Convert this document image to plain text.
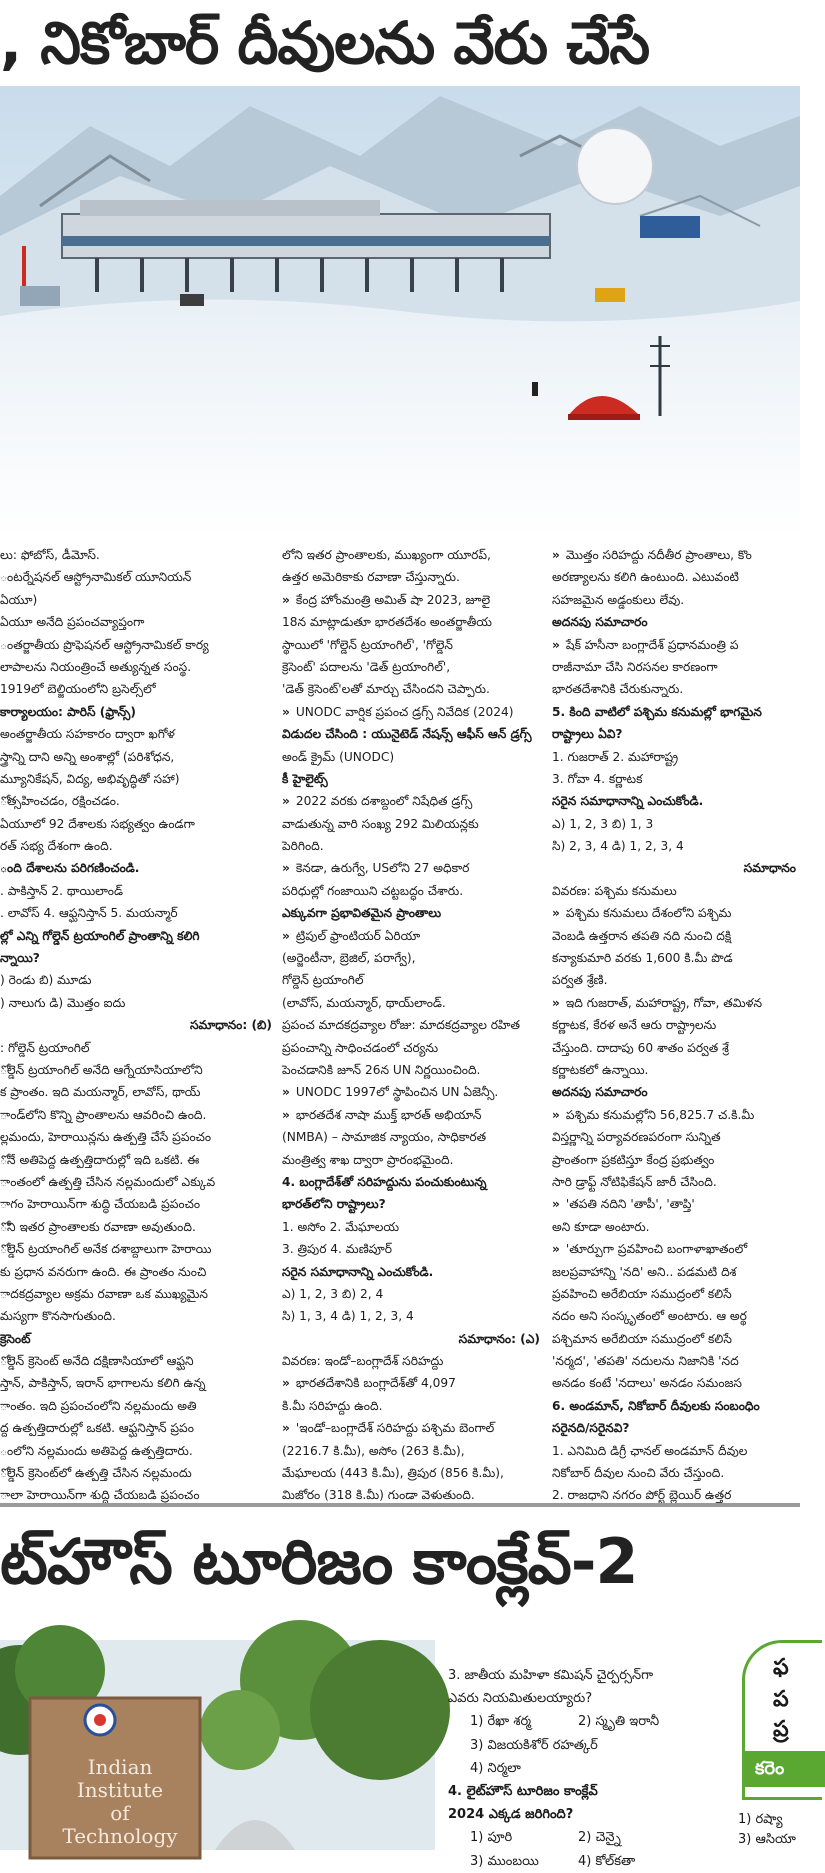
, నికోబార్ దీవులను వేరు చేసే
లు: ఫోబోస్, డీమోస్.
ంటర్నేషనల్ ఆస్ట్రోనామికల్ యూనియన్
ఏయూ)
ఏయూ అనేది ప్రపంచవ్యాప్తంగా
ంతర్జాతీయ ప్రొఫెషనల్ ఆస్ట్రోనామికల్ కార్య
లాపాలను నియంత్రించే అత్యున్నత సంస్థ.
1919లో బెల్జియంలోని బ్రసెల్స్‌లో
కార్యాలయం: పారిస్ (ఫ్రాన్స్)
అంతర్జాతీయ సహకారం ద్వారా ఖగోళ
స్త్రాన్ని దాని అన్ని అంశాల్లో (పరిశోధన,
మ్యూనికేషన్, విద్య, అభివృద్ధితో సహా)
ోత్సహించడం, రక్షించడం.
ఏయూలో 92 దేశాలకు సభ్యత్వం ఉండగా
రత్ సభ్య దేశంగా ఉంది.
ంది దేశాలను పరిగణించండి.
. పాకిస్తాన్ 2. థాయిలాండ్
. లావోస్ 4. ఆఫ్ఘనిస్తాన్ 5. మయన్మార్
ల్లో ఎన్ని గోల్డెన్ ట్రయాంగిల్ ప్రాంతాన్ని కలిగి
న్నాయి?
) రెండు బి) మూడు
) నాలుగు డి) మొత్తం ఐదు
సమాధానం: (బి)
: గోల్డెన్ ట్రయాంగిల్
ోల్డెన్ ట్రయాంగిల్ అనేది ఆగ్నేయాసియాలోని
క ప్రాంతం. ఇది మయన్మార్, లావోస్, థాయ్
ాండ్‌లోని కొన్ని ప్రాంతాలను ఆవరించి ఉంది.
ల్లమందు, హెరాయిన్లను ఉత్పత్తి చేసే ప్రపంచం
ోనే అతిపెద్ద ఉత్పత్తిదారుల్లో ఇది ఒకటి. ఈ
ాంతంలో ఉత్పత్తి చేసిన నల్లమందులో ఎక్కువ
ాగం హెరాయిన్‌గా శుద్ధి చేయబడి ప్రపంచం
ోని ఇతర ప్రాంతాలకు రవాణా అవుతుంది.
ోల్డెన్ ట్రయాంగిల్ అనేక దశాబ్దాలుగా హెరాయి
కు ప్రధాన వనరుగా ఉంది. ఈ ప్రాంతం నుంచి
ాదకద్రవ్యాల అక్రమ రవాణా ఒక ముఖ్యమైన
మస్యగా కొనసాగుతుంది.
క్రెసెంట్
ోల్డెన్ క్రెసెంట్ అనేది దక్షిణాసియాలో ఆఫ్ఘని
స్తాన్, పాకిస్తాన్, ఇరాన్ భాగాలను కలిగి ఉన్న
ాంతం. ఇది ప్రపంచంలోని నల్లమందు అతి
ద్ద ఉత్పత్తిదారుల్లో ఒకటి. ఆఫ్ఘనిస్తాన్ ప్రపం
ంలోని నల్లమందు అతిపెద్ద ఉత్పత్తిదారు.
ోల్డెన్ క్రెసెంట్‌లో ఉత్పత్తి చేసిన నల్లమందు
ాలా హెరాయిన్‌గా శుద్ధి చేయబడి ప్రపంచం
లోని ఇతర ప్రాంతాలకు, ముఖ్యంగా యూరప్,
ఉత్తర అమెరికాకు రవాణా చేస్తున్నారు.
» కేంద్ర హోంమంత్రి అమిత్ షా 2023, జూలై
18న మాట్లాడుతూ భారతదేశం అంతర్జాతీయ
స్థాయిలో 'గోల్డెన్ ట్రయాంగిల్', 'గోల్డెన్
క్రెసెంట్' పదాలను 'డెత్ ట్రయాంగిల్',
'డెత్ క్రెసెంట్'లతో మార్చు చేసిందని చెప్పారు.
» UNODC వార్షిక ప్రపంచ డ్రగ్స్ నివేదిక (2024)
విడుదల చేసింది : యునైటెడ్ నేషన్స్ ఆఫీస్ ఆన్ డ్రగ్స్
అండ్ క్రైమ్ (UNODC)
కీ హైలైట్స్
» 2022 వరకు దశాబ్దంలో నిషేధిత డ్రగ్స్
వాడుతున్న వారి సంఖ్య 292 మిలియన్లకు
పెరిగింది.
» కెనడా, ఉరుగ్వే, USలోని 27 అధికార
పరిధుల్లో గంజాయిని చట్టబద్ధం చేశారు.
ఎక్కువగా ప్రభావితమైన ప్రాంతాలు
» ట్రిపుల్ ఫ్రాంటియర్ ఏరియా
(అర్జెంటీనా, బ్రెజిల్, పరాగ్వే),
గోల్డెన్ ట్రయాంగిల్
(లావోస్, మయన్మార్, థాయ్‌లాండ్.
ప్రపంచ మాదకద్రవ్యాల రోజు: మాదకద్రవ్యాల రహిత
ప్రపంచాన్ని సాధించడంలో చర్యను
పెంచడానికి జూన్ 26న UN నిర్ణయించింది.
» UNODC 1997లో స్థాపించిన UN ఏజెన్సీ.
» భారతదేశ నాషా ముక్త్ భారత్ అభియాన్
(NMBA) – సామాజిక న్యాయం, సాధికారత
మంత్రిత్వ శాఖ ద్వారా ప్రారంభమైంది.
4. బంగ్లాదేశ్‌తో సరిహద్దును పంచుకుంటున్న
భారత్‌లోని రాష్ట్రాలు?
1. అసోం 2. మేఘాలయ
3. త్రిపుర 4. మణిపూర్
సరైన సమాధానాన్ని ఎంచుకోండి.
ఎ) 1, 2, 3 బి) 2, 4
సి) 1, 3, 4 డి) 1, 2, 3, 4
సమాధానం: (ఎ)
వివరణ: ఇండో–బంగ్లాదేశ్ సరిహద్దు
» భారతదేశానికి బంగ్లాదేశ్‌తో 4,097
కి.మీ సరిహద్దు ఉంది.
» 'ఇండో–బంగ్లాదేశ్ సరిహద్దు పశ్చిమ బెంగాల్
(2216.7 కి.మీ), అసోం (263 కి.మీ),
మేఘాలయ (443 కి.మీ), త్రిపుర (856 కి.మీ),
మిజోరం (318 కి.మీ) గుండా వెళుతుంది.
» మొత్తం సరిహద్దు నదీతీర ప్రాంతాలు, కొం
అరణ్యాలను కలిగి ఉంటుంది. ఎటువంటి
సహజమైన అడ్డంకులు లేవు.
అదనపు సమాచారం
» షేక్ హసీనా బంగ్లాదేశ్ ప్రధానమంత్రి ప
రాజీనామా చేసి నిరసనల కారణంగా
భారతదేశానికి చేరుకున్నారు.
5. కింది వాటిలో పశ్చిమ కనుమల్లో భాగమైన
రాష్ట్రాలు ఏవి?
1. గుజరాత్ 2. మహారాష్ట్ర
3. గోవా 4. కర్ణాటక
సరైన సమాధానాన్ని ఎంచుకోండి.
ఎ) 1, 2, 3 బి) 1, 3
సి) 2, 3, 4 డి) 1, 2, 3, 4
సమాధానం
వివరణ: పశ్చిమ కనుమలు
» పశ్చిమ కనుమలు దేశంలోని పశ్చిమ
వెంబడి ఉత్తరాన తపతి నది నుంచి దక్షి
కన్యాకుమారి వరకు 1,600 కి.మీ పొడ
పర్వత శ్రేణి.
» ఇది గుజరాత్, మహారాష్ట్ర, గోవా, తమిళన
కర్ణాటక, కేరళ అనే ఆరు రాష్ట్రాలను
చేస్తుంది. దాదాపు 60 శాతం పర్వత శ్రే
కర్ణాటకలో ఉన్నాయి.
అదనపు సమాచారం
» పశ్చిమ కనుమల్లోని 56,825.7 చ.కి.మీ
విస్తర్ణాన్ని పర్యావరణపరంగా సున్నిత
ప్రాంతంగా ప్రకటిస్తూ కేంద్ర ప్రభుత్వం
సారి డ్రాఫ్ట్ నోటిఫికేషన్ జారీ చేసింది.
» 'తపతి నదిని 'తాపీ', 'తాప్తి'
అని కూడా అంటారు.
» 'తూర్పుగా ప్రవహించి బంగాళాఖాతంలో
జలప్రవాహాన్ని 'నది' అని.. పడమటి దిశ
ప్రవహించి అరేబియా సముద్రంలో కలిసే
నదం అని సంస్కృతంలో అంటారు. ఆ అర్థ
పశ్చిమాన అరేబియా సముద్రంలో కలిసే
'నర్మద', 'తపతి' నదులను నిజానికి 'నద
అనడం కంటే 'నదాలు' అనడం సమంజస
6. అండమాన్, నికోబార్ దీవులకు సంబంధిం
సరైనది/సరైనవి?
1. ఎనిమిది డిగ్రీ ఛానల్ అండమాన్ దీవుల
నికోబార్ దీవుల నుంచి వేరు చేస్తుంది.
2. రాజధాని నగరం పోర్ట్ బ్లెయిర్ ఉత్తర
ట్‌హౌస్ టూరిజం కాంక్లేవ్-2
Indian
Institute
of
Technology
3. జాతీయ మహిళా కమిషన్ చైర్పర్సన్‌గా
ఎవరు నియమితులయ్యారు?
1) రేఖా శర్మ	2) స్మృతి ఇరానీ
3) విజయకిశోర్ రహత్కర్
4) నిర్మలా
4. లైట్‌హౌస్ టూరిజం కాంక్లేవ్
2024 ఎక్కడ జరిగింది?
1) పూరి	2) చెన్నై
3) ముంబయి	4) కోల్‌కతా
ఫ
ప
ప్ర
కరెం
1) రష్యా
3) ఆసియా
